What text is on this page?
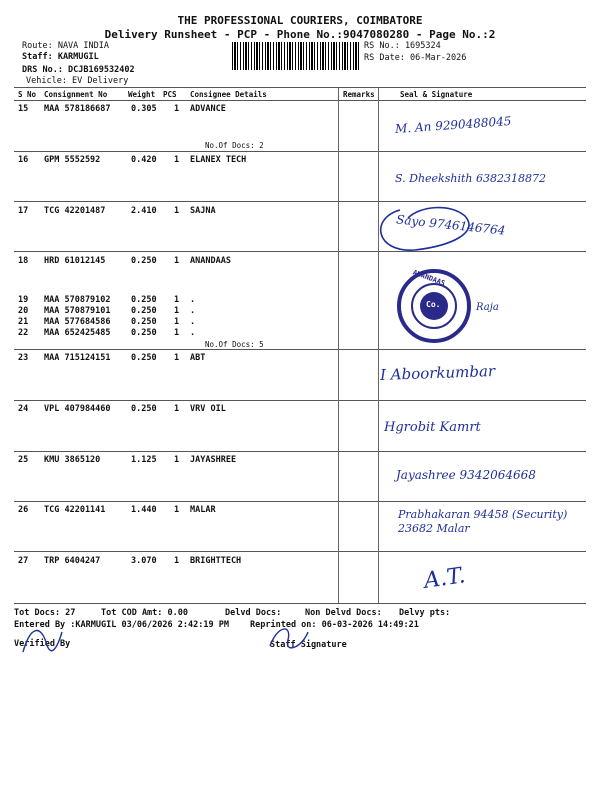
THE PROFESSIONAL COURIERS, COIMBATORE
Delivery Runsheet - PCP - Phone No.:9047080280 - Page No.:2
Route: NAVA INDIA
Staff: KARMUGIL
DRS No.: DCJB169532402
Vehicle: EV Delivery
RS No.: 1695324
RS Date: 06-Mar-2026
S No Consignment No	Weight PCS Consignee Details	Remarks	Seal & Signature
15 MAA 578186687 0.305 1 ADVANCE
No.Of Docs: 2
M. An 9290488045
16 GPM 5552592	0.420 1 ELANEX TECH
S. Dheekshith 6382318872
17 TCG 42201487	2.410 1 SAJNA
Sayo 9746146764
18 HRD 61012145	0.250 1 ANANDAAS
19 MAA 570879102 0.250 1 .
20 MAA 570879101 0.250 1 .
21 MAA 577684586 0.250 1 .
22 MAA 652425485 0.250 1 .
No.Of Docs: 5
ANANDAAS
Co.	Raja
23 MAA 715124151 0.250 1 ABT
I Aboorkumbar
24 VPL 407984460 0.250 1 VRV OIL
Hgrobit Kamrt
25 KMU 3865120	1.125 1 JAYASHREE
Jayashree 9342064668
26 TCG 42201141	1.440 1 MALAR	Prabhakaran 94458 (Security) 23682 Malar
27 TRP 6404247	3.070 1 BRIGHTTECH
A.T.
Tot Docs: 27	Tot COD Amt: 0.00	Delvd Docs:	Non Delvd Docs: Delvy pts:
Entered By :KARMUGIL 03/06/2026 2:42:19 PM Reprinted on: 06-03-2026 14:49:21
Verified By	Staff Signature
